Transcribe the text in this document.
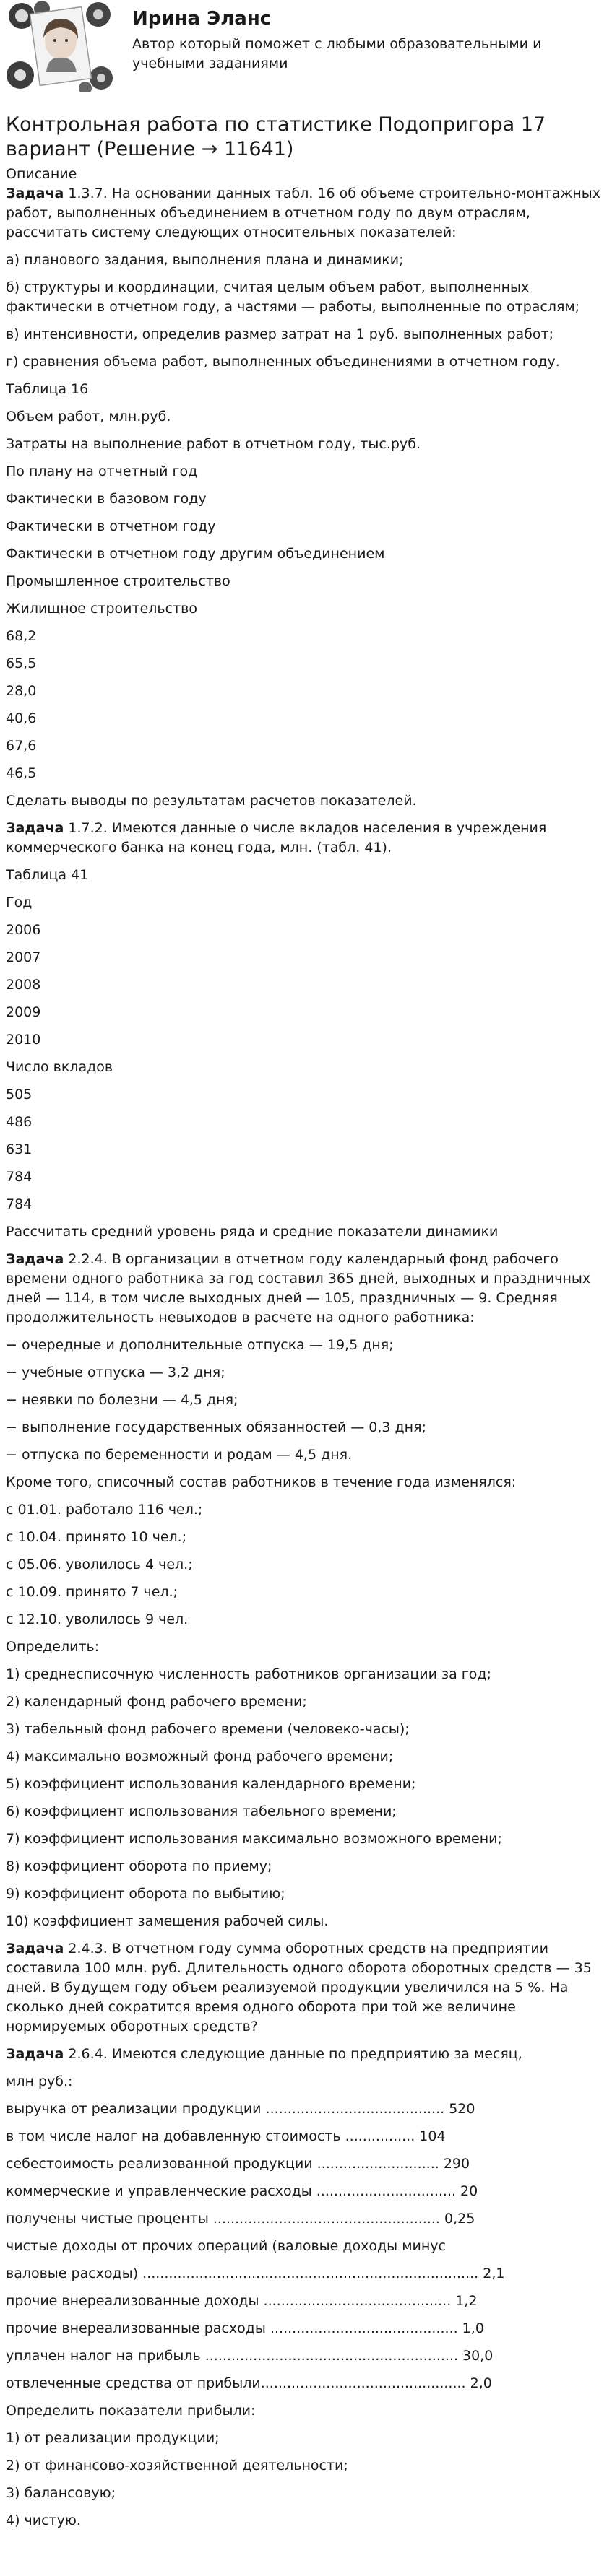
Ирина Эланс
Автор который поможет с любыми образовательными и учебными заданиями
Контрольная работа по статистике Подопригора 17 вариант (Решение → 11641)

Описание

Задача 1.3.7. На основании данных табл. 16 об объеме строительно-монтажных работ, выполненных объединением в отчетном году по двум отраслям, рассчитать систему следующих относительных показателей:

а) планового задания, выполнения плана и динамики;

б) структуры и координации, считая целым объем работ, выполненных фактически в отчетном году, а частями — работы, выполненные по отраслям;

в) интенсивности, определив размер затрат на 1 руб. выполненных работ;

г) сравнения объема работ, выполненных объединениями в отчетном году.

Таблица 16

Объем работ, млн.руб.

Затраты на выполнение работ в отчетном году, тыс.руб.

По плану на отчетный год

Фактически в базовом году

Фактически в отчетном году

Фактически в отчетном году другим объединением

Промышленное строительство

Жилищное строительство

68,2

65,5

28,0

40,6

67,6

46,5

Сделать выводы по результатам расчетов показателей.

Задача 1.7.2. Имеются данные о числе вкладов населения в учреждения коммерческого банка на конец года, млн. (табл. 41).

Таблица 41

Год

2006

2007

2008

2009

2010

Число вкладов

505

486

631

784

784

Рассчитать средний уровень ряда и средние показатели динамики

Задача 2.2.4. В организации в отчетном году календарный фонд рабочего времени одного работника за год составил 365 дней, выходных и праздничных дней — 114, в том числе выходных дней — 105, праздничных — 9. Средняя продолжительность невыходов в расчете на одного работника:

− очередные и дополнительные отпуска — 19,5 дня;

− учебные отпуска — 3,2 дня;

− неявки по болезни — 4,5 дня;

− выполнение государственных обязанностей — 0,3 дня;

− отпуска по беременности и родам — 4,5 дня.

Кроме того, списочный состав работников в течение года изменялся:

с 01.01. работало 116 чел.;

с 10.04. принято 10 чел.;

с 05.06. уволилось 4 чел.;

с 10.09. принято 7 чел.;

с 12.10. уволилось 9 чел.

Определить:

1) среднесписочную численность работников организации за год;

2) календарный фонд рабочего времени;

3) табельный фонд рабочего времени (человеко-часы);

4) максимально возможный фонд рабочего времени;

5) коэффициент использования календарного времени;

6) коэффициент использования табельного времени;

7) коэффициент использования максимально возможного времени;

8) коэффициент оборота по приему;

9) коэффициент оборота по выбытию;

10) коэффициент замещения рабочей силы.

Задача 2.4.3. В отчетном году сумма оборотных средств на предприятии составила 100 млн. руб. Длительность одного оборота оборотных средств — 35 дней. В будущем году объем реализуемой продукции увеличился на 5 %. На сколько дней сократится время одного оборота при той же величине нормируемых оборотных средств?

Задача 2.6.4. Имеются следующие данные по предприятию за месяц,

млн руб.:

выручка от реализации продукции ......................................... 520

в том числе налог на добавленную стоимость ................ 104

себестоимость реализованной продукции ............................ 290

коммерческие и управленческие расходы ................................ 20

получены чистые проценты .................................................... 0,25

чистые доходы от прочих операций (валовые доходы минус

валовые расходы) ............................................................................. 2,1

прочие внереализованные доходы ........................................... 1,2

прочие внереализованные расходы ........................................... 1,0

уплачен налог на прибыль .......................................................... 30,0

отвлеченные средства от прибыли............................................... 2,0

Определить показатели прибыли:

1) от реализации продукции;

2) от финансово-хозяйственной деятельности;

3) балансовую;

4) чистую.
